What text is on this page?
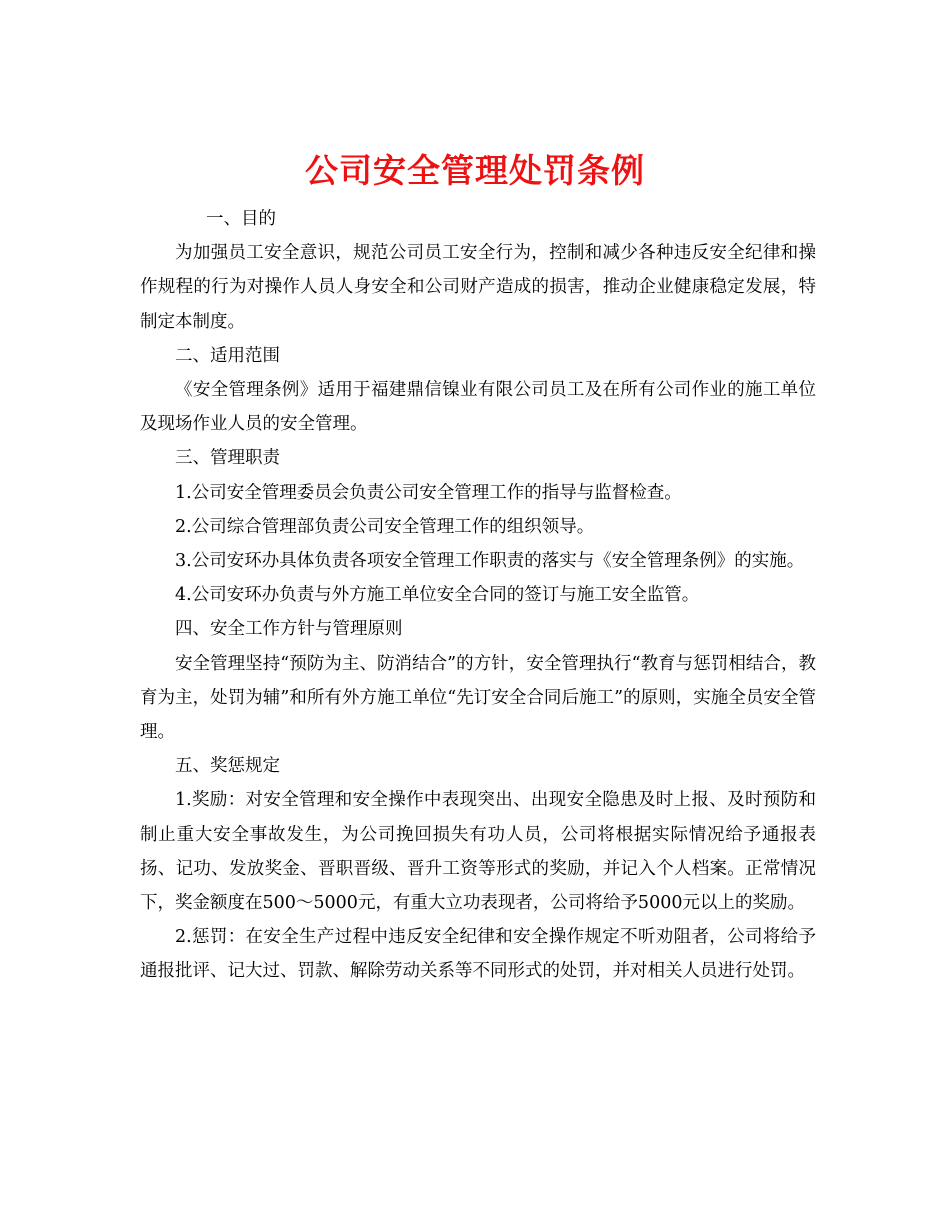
公司安全管理处罚条例

一、目的

为加强员工安全意识，规范公司员工安全行为，控制和减少各种违反安全纪律和操作规程的行为对操作人员人身安全和公司财产造成的损害，推动企业健康稳定发展，特制定本制度。

二、适用范围

《安全管理条例》适用于福建鼎信镍业有限公司员工及在所有公司作业的施工单位及现场作业人员的安全管理。

三、管理职责

1.公司安全管理委员会负责公司安全管理工作的指导与监督检查。

2.公司综合管理部负责公司安全管理工作的组织领导。

3.公司安环办具体负责各项安全管理工作职责的落实与《安全管理条例》的实施。

4.公司安环办负责与外方施工单位安全合同的签订与施工安全监管。

四、安全工作方针与管理原则

安全管理坚持“预防为主、防消结合”的方针，安全管理执行“教育与惩罚相结合，教育为主，处罚为辅”和所有外方施工单位“先订安全合同后施工”的原则，实施全员安全管理。

五、奖惩规定

1.奖励：对安全管理和安全操作中表现突出、出现安全隐患及时上报、及时预防和制止重大安全事故发生，为公司挽回损失有功人员，公司将根据实际情况给予通报表扬、记功、发放奖金、晋职晋级、晋升工资等形式的奖励，并记入个人档案。正常情况下，奖金额度在500～5000元，有重大立功表现者，公司将给予5000元以上的奖励。

2.惩罚：在安全生产过程中违反安全纪律和安全操作规定不听劝阻者，公司将给予通报批评、记大过、罚款、解除劳动关系等不同形式的处罚，并对相关人员进行处罚。
